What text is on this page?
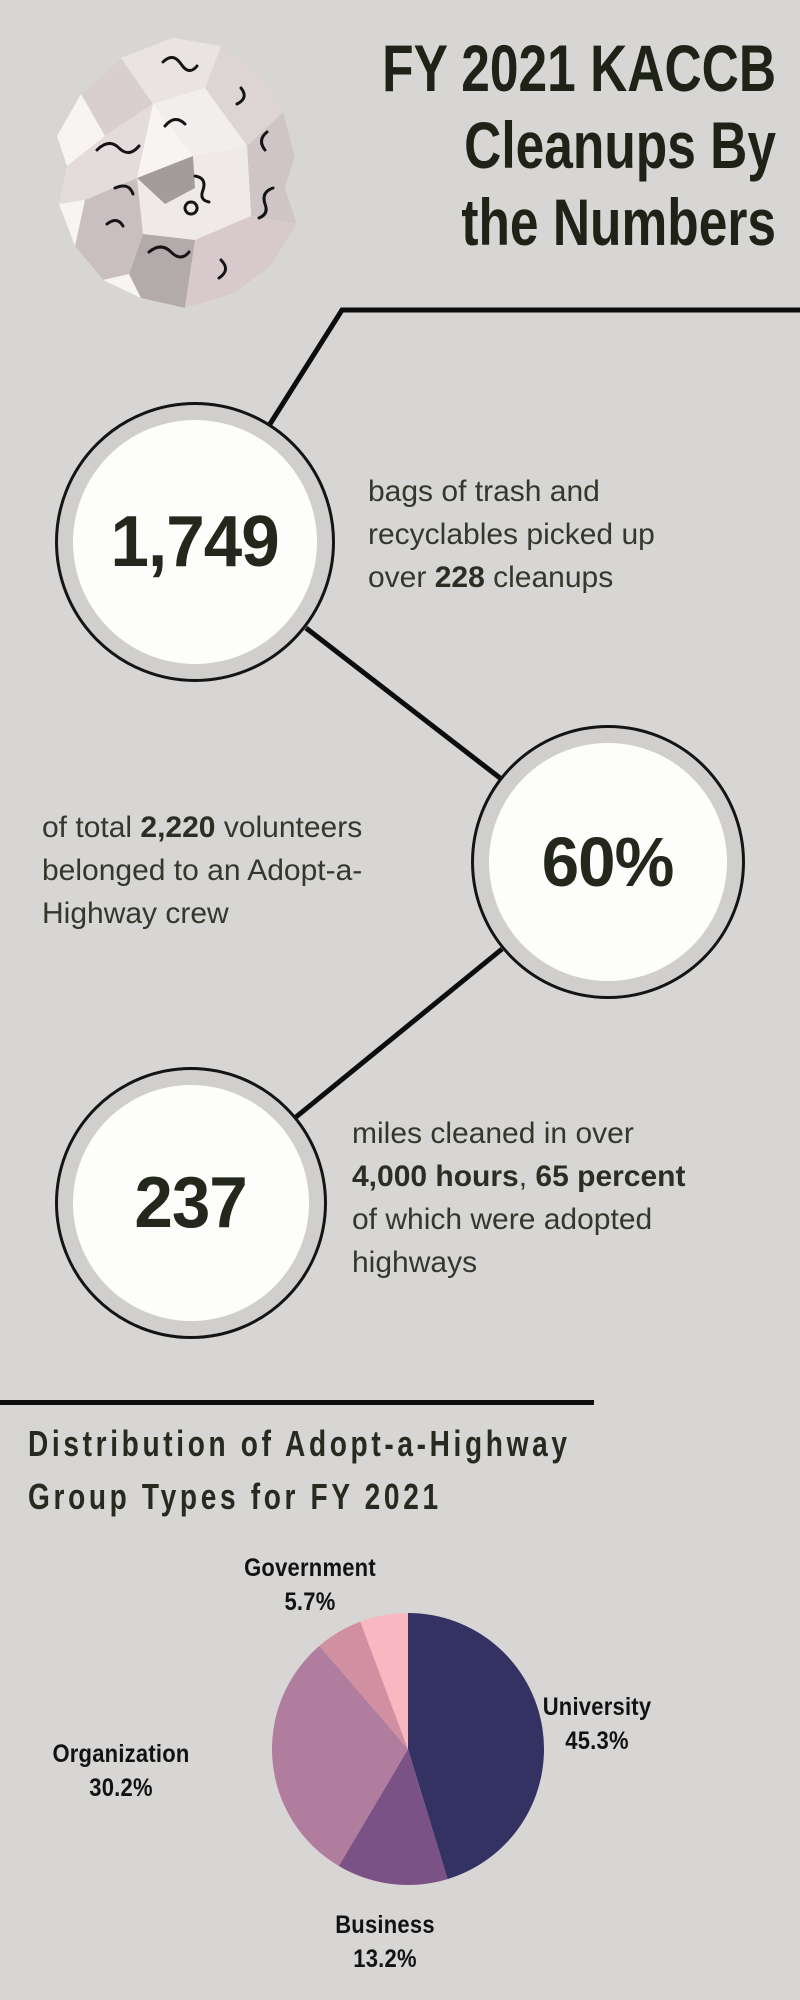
FY 2021 KACCB
Cleanups By
the Numbers
1,749
bags of trash and
recyclables picked up
over 228 cleanups
60%
of total 2,220 volunteers
belonged to an Adopt-a-
Highway crew
237
miles cleaned in over
4,000 hours, 65 percent
of which were adopted
highways
Distribution of Adopt-a-Highway
Group Types for FY 2021
Government
5.7%
University
45.3%
Organization
30.2%
Business
13.2%
